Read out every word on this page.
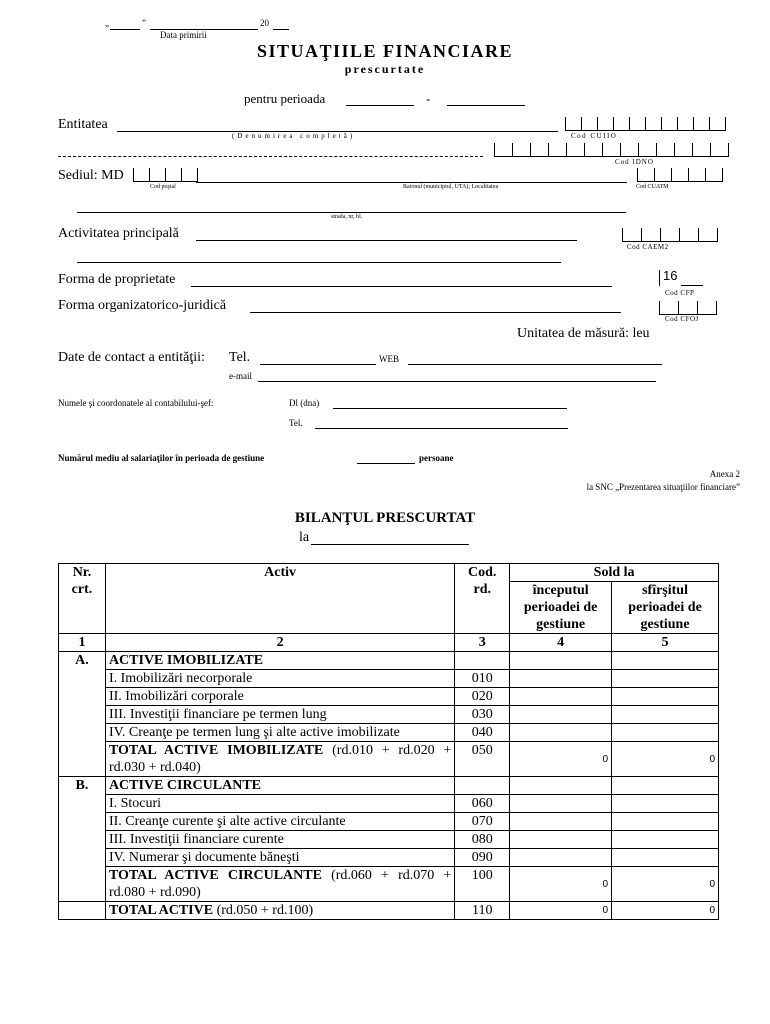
„	”	20
Data primirii
SITUAŢIILE FINANCIARE
prescurtate
pentru perioada	-
Entitatea
(Denumirea completă)	Cod CUIIO
Cod IDNO
Sediul: MD
Cod poştal	Raionul (municipiul, UTA); Localitatea	Cod CUATM
strada, nr, bl.
Activitatea principală
Cod CAEM2
Forma de proprietate	16
Cod CFP
Forma organizatorico-juridică
Cod CFOJ
Unitatea de măsură: leu
Date de contact a entităţii: Tel.	WEB
e-mail
Numele şi coordonatele al contabilului-şef:	Dl (dna)
Tel.
Numărul mediu al salariaţilor în perioada de gestiune	persoane
Anexa 2
la SNC „Prezentarea situaţiilor financiare”
BILANŢUL PRESCURTAT
la
Nr. crt.	Activ	Cod. rd.	Sold la	
			începutul perioadei de gestiune	sfîrşitul perioadei de gestiune
1	2	3	4	5
A.	ACTIVE IMOBILIZATE			
	I. Imobilizări necorporale	010		
	II. Imobilizări corporale	020		
	III. Investiţii financiare pe termen lung	030		
	IV. Creanţe pe termen lung şi alte active imobilizate	040		
	TOTAL ACTIVE IMOBILIZATE (rd.010 + rd.020 + rd.030 + rd.040)	050	0	0
B.	ACTIVE CIRCULANTE			
	I. Stocuri	060		
	II. Creanţe curente şi alte active circulante	070		
	III. Investiţii financiare curente	080		
	IV. Numerar şi documente băneşti	090		
	TOTAL ACTIVE CIRCULANTE (rd.060 + rd.070 + rd.080 + rd.090)	100	0	0
	TOTAL ACTIVE (rd.050 + rd.100)	110	0	0
